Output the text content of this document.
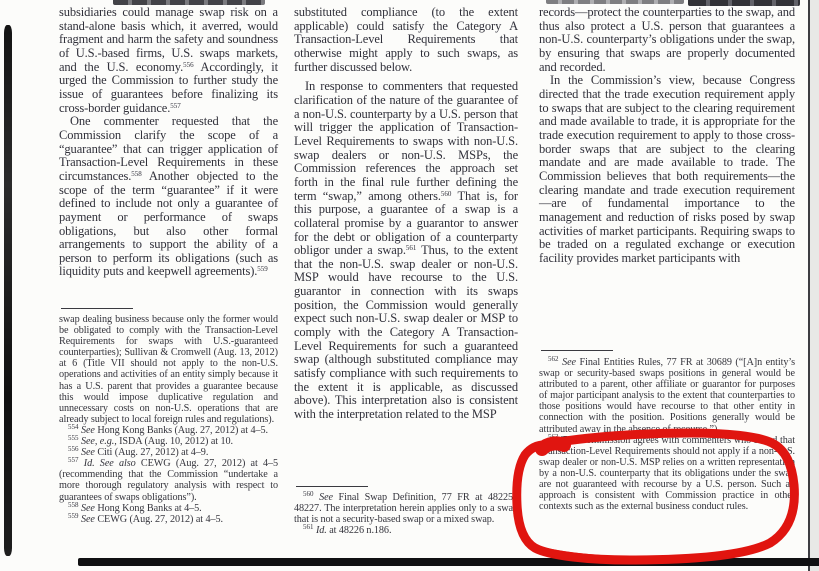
subsidiaries could manage swap risk on a stand-alone basis which, it averred, would fragment and harm the safety and soundness of U.S.-based firms, U.S. swaps markets, and the U.S. economy.$^{556}$ Accordingly, it urged the Commission to further study the issue of guarantees before finalizing its cross-border guidance.$^{557}$

One commenter requested that the Commission clarify the scope of a “guarantee” that can trigger application of Transaction-Level Requirements in these circumstances.$^{558}$ Another objected to the scope of the term “guarantee” if it were defined to include not only a guarantee of payment or performance of swaps obligations, but also other formal arrangements to support the ability of a person to perform its obligations (such as liquidity puts and keepwell agreements).$^{559}$

swap dealing business because only the former would be obligated to comply with the Transaction-Level Requirements for swaps with U.S.-guaranteed counterparties); Sullivan & Cromwell (Aug. 13, 2012) at 6 (Title VII should not apply to the non-U.S. operations and activities of an entity simply because it has a U.S. parent that provides a guarantee because this would impose duplicative regulation and unnecessary costs on non-U.S. operations that are already subject to local foreign rules and regulations).

$^{554}$ See Hong Kong Banks (Aug. 27, 2012) at 4–5.

$^{555}$ See, e.g., ISDA (Aug. 10, 2012) at 10.

$^{556}$ See Citi (Aug. 27, 2012) at 4–9.

$^{557}$ Id. See also CEWG (Aug. 27, 2012) at 4–5 (recommending that the Commission “undertake a more thorough regulatory analysis with respect to guarantees of swaps obligations”).

$^{558}$ See Hong Kong Banks at 4–5.

$^{559}$ See CEWG (Aug. 27, 2012) at 4–5.

substituted compliance (to the extent applicable) could satisfy the Category A Transaction-Level Requirements that otherwise might apply to such swaps, as further discussed below.

In response to commenters that requested clarification of the nature of the guarantee of a non-U.S. counterparty by a U.S. person that will trigger the application of Transaction-Level Requirements to swaps with non-U.S. swap dealers or non-U.S. MSPs, the Commission references the approach set forth in the final rule further defining the term “swap,” among others.$^{560}$ That is, for this purpose, a guarantee of a swap is a collateral promise by a guarantor to answer for the debt or obligation of a counterparty obligor under a swap.$^{561}$ Thus, to the extent that the non-U.S. swap dealer or non-U.S. MSP would have recourse to the U.S. guarantor in connection with its swaps position, the Commission would generally expect such non-U.S. swap dealer or MSP to comply with the Category A Transaction-Level Requirements for such a guaranteed swap (although substituted compliance may satisfy compliance with such requirements to the extent it is applicable, as discussed above). This interpretation also is consistent with the interpretation related to the MSP

$^{560}$ See Final Swap Definition, 77 FR at 48225–48227. The interpretation herein applies only to a swap that is not a security-based swap or a mixed swap.

$^{561}$ Id. at 48226 n.186.

records—protect the counterparties to the swap, and thus also protect a U.S. person that guarantees a non-U.S. counterparty’s obligations under the swap, by ensuring that swaps are properly documented and recorded.

In the Commission’s view, because Congress directed that the trade execution requirement apply to swaps that are subject to the clearing requirement and made available to trade, it is appropriate for the trade execution requirement to apply to those cross-border swaps that are subject to the clearing mandate and are made available to trade. The Commission believes that both requirements—the clearing mandate and trade execution requirement—are of fundamental importance to the management and reduction of risks posed by swap activities of market participants. Requiring swaps to be traded on a regulated exchange or execution facility provides market participants with

$^{562}$ See Final Entities Rules, 77 FR at 30689 (“[A]n entity’s swap or security-based swaps positions in general would be attributed to a parent, other affiliate or guarantor for purposes of major participant analysis to the extent that counterparties to those positions would have recourse to that other entity in connection with the position. Positions generally would be attributed away in the absence of recourse.”).

$^{563}$ The Commission agrees with commenters who stated that Transaction-Level Requirements should not apply if a non-U.S. swap dealer or non-U.S. MSP relies on a written representation by a non-U.S. counterparty that its obligations under the swap are not guaranteed with recourse by a U.S. person. Such an approach is consistent with Commission practice in other contexts such as the external business conduct rules.
